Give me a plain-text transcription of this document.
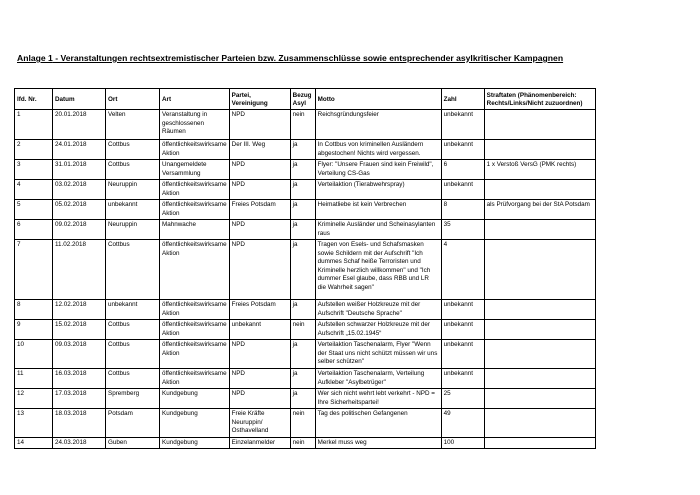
Anlage 1 - Veranstaltungen rechtsextremistischer Parteien bzw. Zusammenschlüsse sowie entsprechender asylkritischer Kampagnen
lfd. Nr.	Datum	Ort	Art	Partei, Vereinigung	Bezug Asyl	Motto	Zahl	Straftaten (Phänomenbereich: Rechts/Links/Nicht zuzuordnen)
1	20.01.2018	Velten	Veranstaltung in geschlossenen Räumen	NPD	nein	Reichsgründungsfeier	unbekannt	
2	24.01.2018	Cottbus	öffentlichkeitswirksame Aktion	Der III. Weg	ja	In Cottbus von kriminellen Ausländern abgestochen! Nichts wird vergessen.	unbekannt	
3	31.01.2018	Cottbus	Unangemeldete Versammlung	NPD	ja	Flyer: "Unsere Frauen sind kein Freiwild", Verteilung CS-Gas	6	1 x Verstoß VersG (PMK rechts)
4	03.02.2018	Neuruppin	öffentlichkeitswirksame Aktion	NPD	ja	Verteilaktion (Tierabwehrspray)	unbekannt	
5	05.02.2018	unbekannt	öffentlichkeitswirksame Aktion	Freies Potsdam	ja	Heimatliebe ist kein Verbrechen	8	als Prüfvorgang bei der StA Potsdam
6	09.02.2018	Neuruppin	Mahnwache	NPD	ja	Kriminelle Ausländer und Scheinasylanten raus	35	
7	11.02.2018	Cottbus	öffentlichkeitswirksame Aktion	NPD	ja	Tragen von Esels- und Schafsmasken sowie Schildern mit der Aufschrift "Ich dummes Schaf heiße Terroristen und Kriminelle herzlich willkommen" und "Ich dummer Esel glaube, dass RBB und LR die Wahrheit sagen"	4	
8	12.02.2018	unbekannt	öffentlichkeitswirksame Aktion	Freies Potsdam	ja	Aufstellen weißer Holzkreuze mit der Aufschrift "Deutsche Sprache"	unbekannt	
9	15.02.2018	Cottbus	öffentlichkeitswirksame Aktion	unbekannt	nein	Aufstellen schwarzer Holzkreuze mit der Aufschrift „15.02.1945“	unbekannt	
10	09.03.2018	Cottbus	öffentlichkeitswirksame Aktion	NPD	ja	Verteilaktion Taschenalarm, Flyer "Wenn der Staat uns nicht schützt müssen wir uns selber schützen"	unbekannt	
11	16.03.2018	Cottbus	öffentlichkeitswirksame Aktion	NPD	ja	Verteilaktion Taschenalarm, Verteilung Aufkleber "Asylbetrüger"	unbekannt	
12	17.03.2018	Spremberg	Kundgebung	NPD	ja	Wer sich nicht wehrt lebt verkehrt - NPD = Ihre Sicherheitspartei!	25	
13	18.03.2018	Potsdam	Kundgebung	Freie Kräfte Neuruppin/ Osthavelland	nein	Tag des politischen Gefangenen	49	
14	24.03.2018	Guben	Kundgebung	Einzelanmelder	nein	Merkel muss weg	100	
